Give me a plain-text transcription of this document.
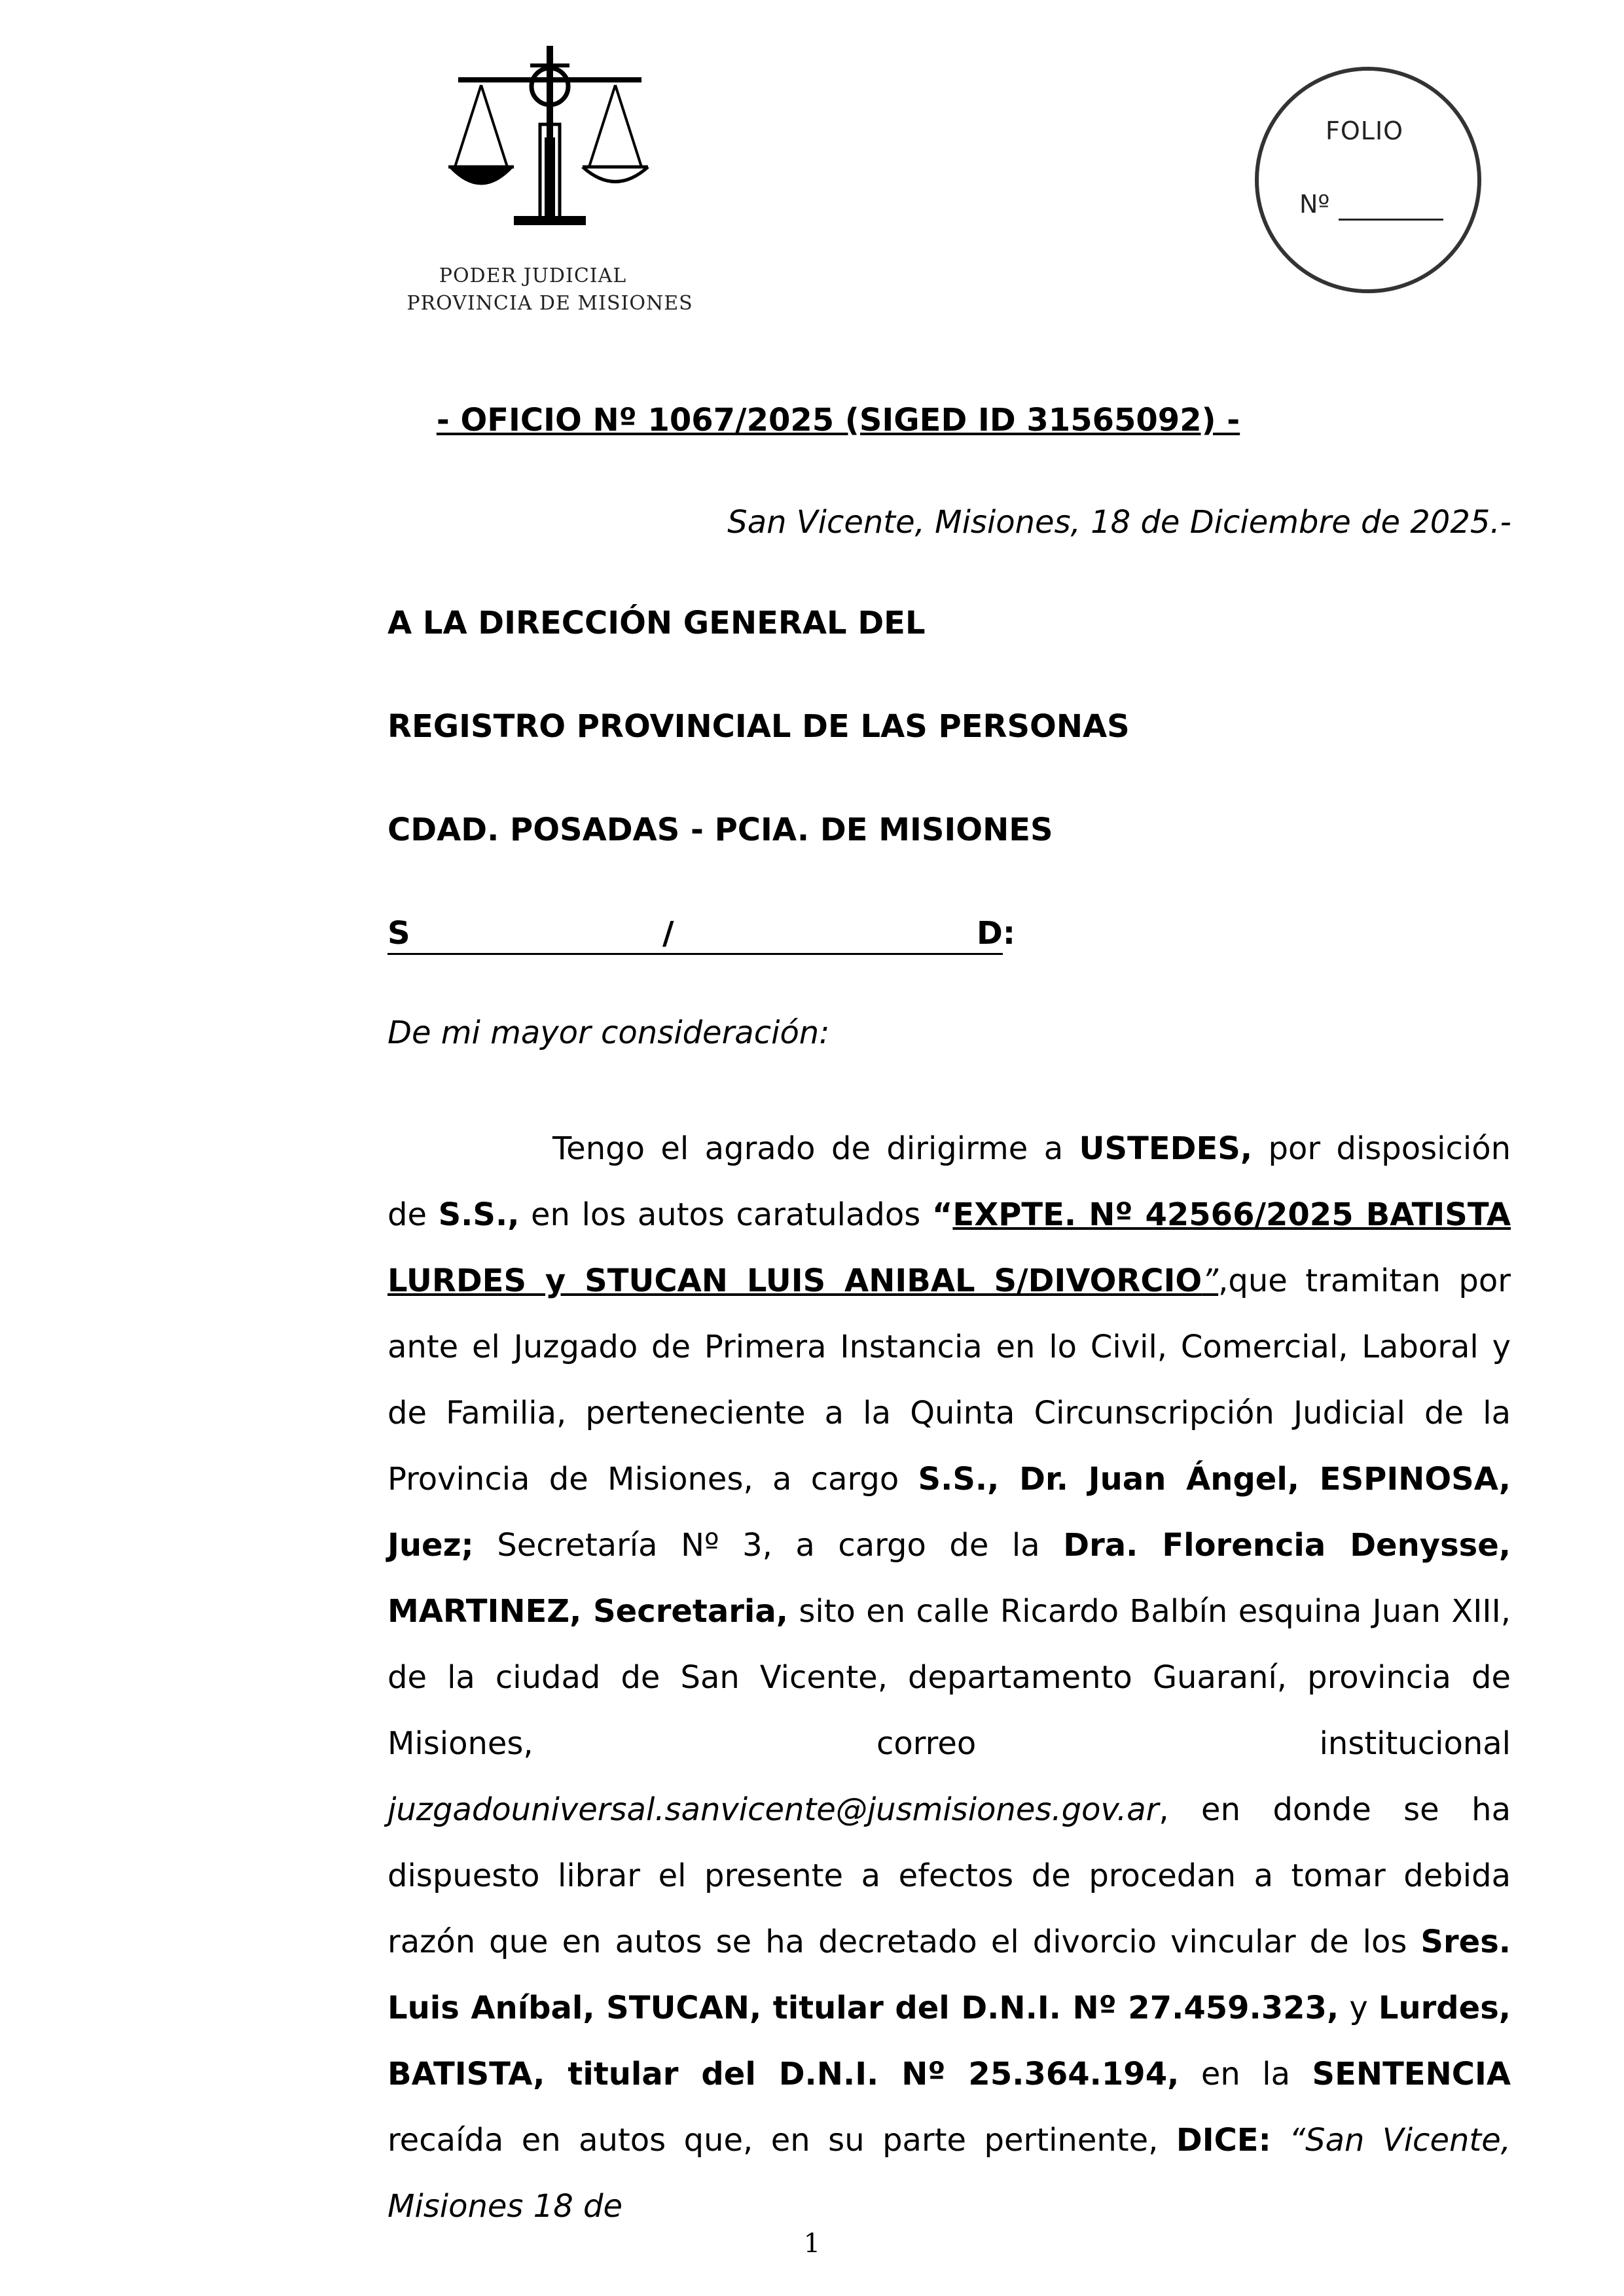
PODER JUDICIAL
PROVINCIA DE MISIONES
FOLIO
Nº
- OFICIO Nº 1067/2025 (SIGED ID 31565092) -
San Vicente, Misiones, 18 de Diciembre de 2025.-
A LA DIRECCIÓN GENERAL DEL
REGISTRO PROVINCIAL DE LAS PERSONAS
CDAD. POSADAS - PCIA. DE MISIONES
S	/	D:
De mi mayor consideración:
Tengo el agrado de dirigirme a USTEDES, por disposición de S.S., en los autos caratulados “EXPTE. Nº 42566/2025 BATISTA LURDES y STUCAN LUIS ANIBAL S/DIVORCIO”,que tramitan por ante el Juzgado de Primera Instancia en lo Civil, Comercial, Laboral y de Familia, perteneciente a la Quinta Circunscripción Judicial de la Provincia de Misiones, a cargo S.S., Dr. Juan Ángel, ESPINOSA, Juez; Secretaría Nº 3, a cargo de la Dra. Florencia Denysse, MARTINEZ, Secretaria, sito en calle Ricardo Balbín esquina Juan XIII, de la ciudad de San Vicente, departamento Guaraní, provincia de Misiones, correo institucional juzgadouniversal.sanvicente@jusmisiones.gov.ar, en donde se ha dispuesto librar el presente a efectos de procedan a tomar debida razón que en autos se ha decretado el divorcio vincular de los Sres. Luis Aníbal, STUCAN, titular del D.N.I. Nº 27.459.323, y Lurdes, BATISTA, titular del D.N.I. Nº 25.364.194, en la SENTENCIA recaída en autos que, en su parte pertinente, DICE: “San Vicente, Misiones 18 de
1
